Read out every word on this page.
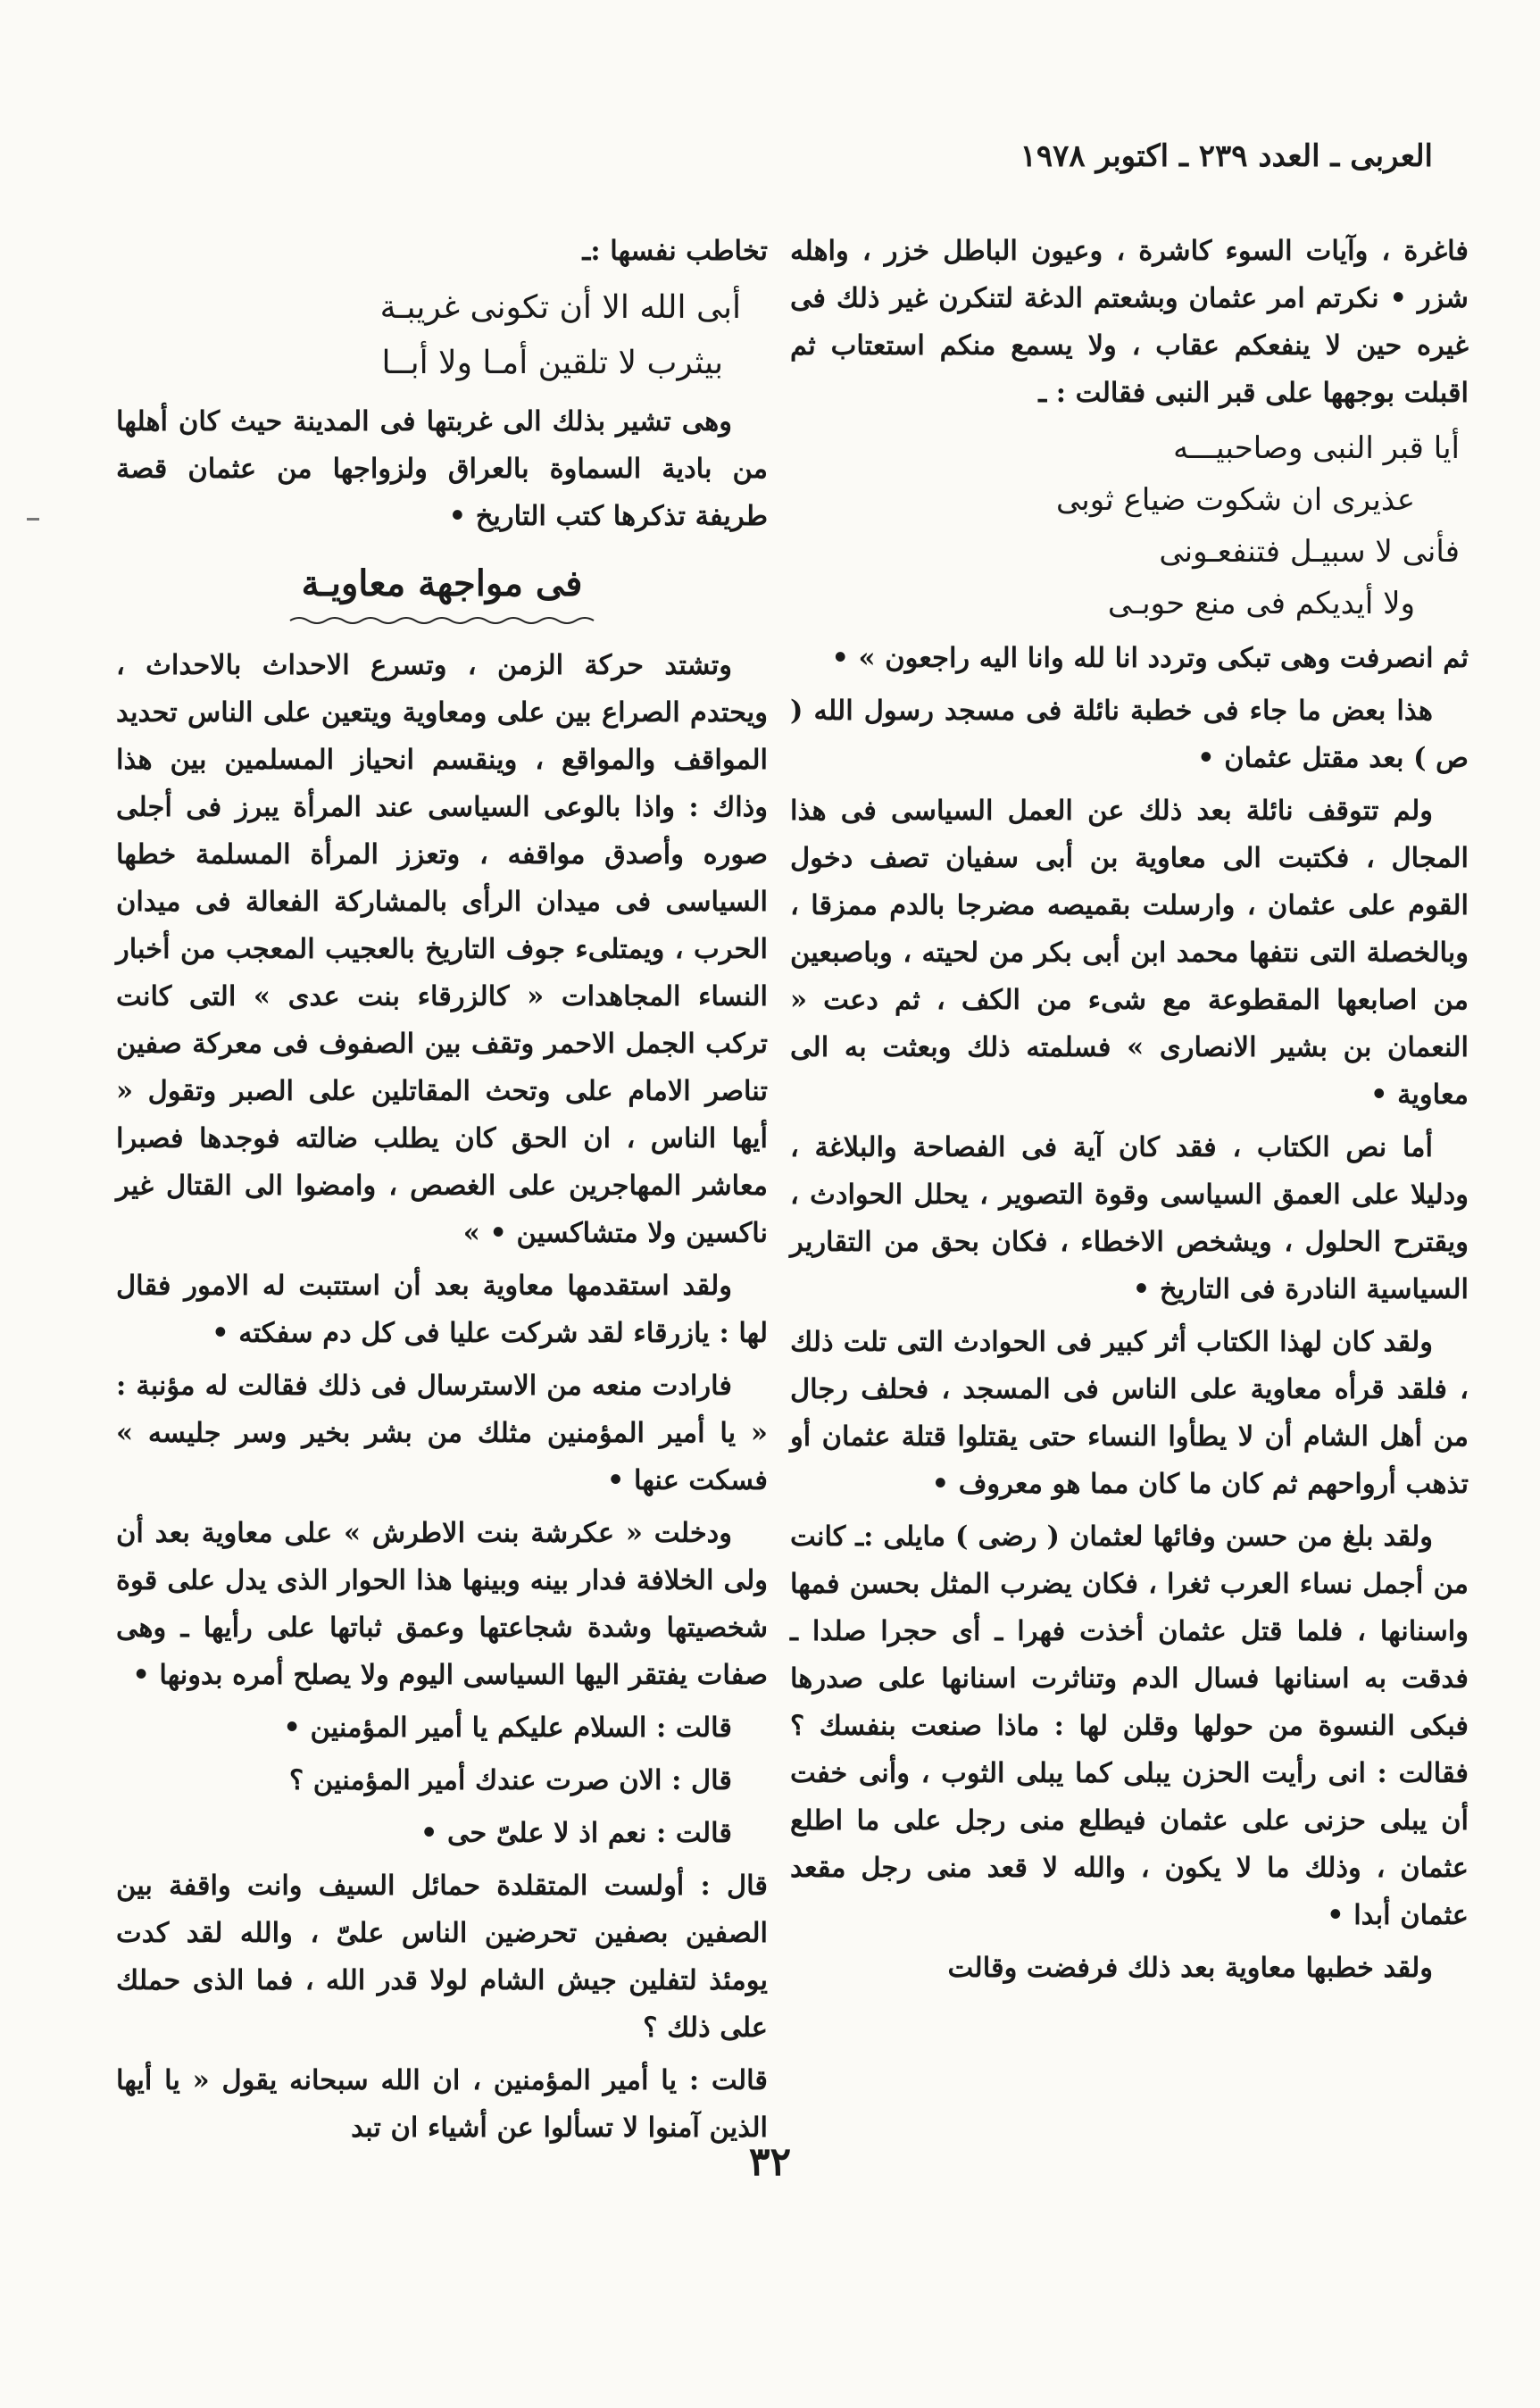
العربى ـ العدد ٢٣٩ ـ اكتوبر ١٩٧٨

فاغرة ، وآيات السوء كاشرة ، وعيون الباطل خزر ، واهله شزر • نكرتم امر عثمان وبشعتم الدغة لتنكرن غير ذلك فى غيره حين لا ينفعكم عقاب ، ولا يسمع منكم استعتاب ثم اقبلت بوجهها على قبر النبى فقالت : ـ

أيا قبر النبى وصاحبيـــه
عذيرى ان شكوت ضياع ثوبى
فأنى لا سبيـل فتنفعـونى
ولا أيديكم فى منع حوبـى

ثم انصرفت وهى تبكى وتردد انا لله وانا اليه راجعون » •

هذا بعض ما جاء فى خطبة نائلة فى مسجد رسول الله ( ص ) بعد مقتل عثمان •

ولم تتوقف نائلة بعد ذلك عن العمل السياسى فى هذا المجال ، فكتبت الى معاوية بن أبى سفيان تصف دخول القوم على عثمان ، وارسلت بقميصه مضرجا بالدم ممزقا ، وبالخصلة التى نتفها محمد ابن أبى بكر من لحيته ، وباصبعين من اصابعها المقطوعة مع شىء من الكف ، ثم دعت « النعمان بن بشير الانصارى » فسلمته ذلك وبعثت به الى معاوية •

أما نص الكتاب ، فقد كان آية فى الفصاحة والبلاغة ، ودليلا على العمق السياسى وقوة التصوير ، يحلل الحوادث ، ويقترح الحلول ، ويشخص الاخطاء ، فكان بحق من التقارير السياسية النادرة فى التاريخ •

ولقد كان لهذا الكتاب أثر كبير فى الحوادث التى تلت ذلك ، فلقد قرأه معاوية على الناس فى المسجد ، فحلف رجال من أهل الشام أن لا يطأوا النساء حتى يقتلوا قتلة عثمان أو تذهب أرواحهم ثم كان ما كان مما هو معروف •

ولقد بلغ من حسن وفائها لعثمان ( رضى ) مايلى :ـ كانت من أجمل نساء العرب ثغرا ، فكان يضرب المثل بحسن فمها واسنانها ، فلما قتل عثمان أخذت فهرا ـ أى حجرا صلدا ـ فدقت به اسنانها فسال الدم وتناثرت اسنانها على صدرها فبكى النسوة من حولها وقلن لها : ماذا صنعت بنفسك ؟ فقالت : انى رأيت الحزن يبلى كما يبلى الثوب ، وأنى خفت أن يبلى حزنى على عثمان فيطلع منى رجل على ما اطلع عثمان ، وذلك ما لا يكون ، والله لا قعد منى رجل مقعد عثمان أبدا •

ولقد خطبها معاوية بعد ذلك فرفضت وقالت

تخاطب نفسها :ـ

أبى الله الا أن تكونى غريبـة
بيثرب لا تلقين أمـا ولا أبــا

وهى تشير بذلك الى غربتها فى المدينة حيث كان أهلها من بادية السماوة بالعراق ولزواجها من عثمان قصة طريفة تذكرها كتب التاريخ •

فى مواجهة معاويـة

وتشتد حركة الزمن ، وتسرع الاحداث بالاحداث ، ويحتدم الصراع بين على ومعاوية ويتعين على الناس تحديد المواقف والمواقع ، وينقسم انحياز المسلمين بين هذا وذاك : واذا بالوعى السياسى عند المرأة يبرز فى أجلى صوره وأصدق مواقفه ، وتعزز المرأة المسلمة خطها السياسى فى ميدان الرأى بالمشاركة الفعالة فى ميدان الحرب ، ويمتلىء جوف التاريخ بالعجيب المعجب من أخبار النساء المجاهدات « كالزرقاء بنت عدى » التى كانت تركب الجمل الاحمر وتقف بين الصفوف فى معركة صفين تناصر الامام على وتحث المقاتلين على الصبر وتقول « أيها الناس ، ان الحق كان يطلب ضالته فوجدها فصبرا معاشر المهاجرين على الغصص ، وامضوا الى القتال غير ناكسين ولا متشاكسين • »

ولقد استقدمها معاوية بعد أن استتبت له الامور فقال لها : يازرقاء لقد شركت عليا فى كل دم سفكته •

فارادت منعه من الاسترسال فى ذلك فقالت له مؤنبة : « يا أمير المؤمنين مثلك من بشر بخير وسر جليسه » فسكت عنها •

ودخلت « عكرشة بنت الاطرش » على معاوية بعد أن ولى الخلافة فدار بينه وبينها هذا الحوار الذى يدل على قوة شخصيتها وشدة شجاعتها وعمق ثباتها على رأيها ـ وهى صفات يفتقر اليها السياسى اليوم ولا يصلح أمره بدونها •

قالت : السلام عليكم يا أمير المؤمنين •

قال : الان صرت عندك أمير المؤمنين ؟

قالت : نعم اذ لا علىّ حى •

قال : أولست المتقلدة حمائل السيف وانت واقفة بين الصفين بصفين تحرضين الناس علىّ ، والله لقد كدت يومئذ لتفلين جيش الشام لولا قدر الله ، فما الذى حملك على ذلك ؟

قالت : يا أمير المؤمنين ، ان الله سبحانه يقول « يا أيها الذين آمنوا لا تسألوا عن أشياء ان تبد

٣٢
